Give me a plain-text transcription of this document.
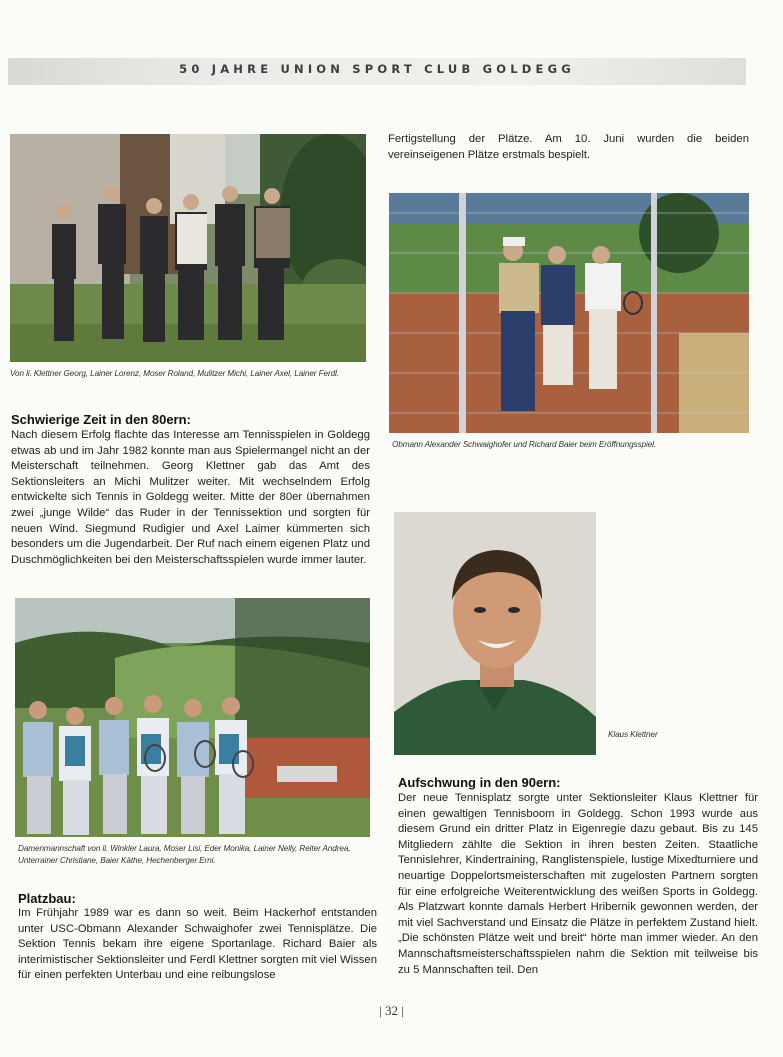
50 JAHRE UNION SPORT CLUB GOLDEGG
Von li. Klettner Georg, Lainer Lorenz, Moser Roland, Mulitzer Michi, Lainer Axel, Lainer Ferdl.

Fertigstellung der Plätze. Am 10. Juni wurden die beiden vereinseigenen Plätze erstmals bespielt.

Obmann Alexander Schwaighofer und Richard Baier beim Eröffnungsspiel.
Schwierige Zeit in den 80ern:

Nach diesem Erfolg flachte das Interesse am Tennisspielen in Goldegg etwas ab und im Jahr 1982 konnte man aus Spielermangel nicht an der Meisterschaft teilnehmen. Georg Klettner gab das Amt des Sektionsleiters an Michi Mulitzer weiter. Mit wechselndem Erfolg entwickelte sich Tennis in Goldegg weiter. Mitte der 80er übernahmen zwei „junge Wilde“ das Ruder in der Tennissektion und sorgten für neuen Wind. Siegmund Rudigier und Axel Laimer kümmerten sich besonders um die Jugendarbeit. Der Ruf nach einem eigenen Platz und Duschmöglichkeiten bei den Meisterschaftsspielen wurde immer lauter.

Klaus Klettner
Damenmannschaft von li. Winkler Laura, Moser Lisi, Eder Monika, Lainer Nelly, Reiter Andrea, Unterrainer Christiane, Baier Käthe, Hechenberger Erni.
Platzbau:

Im Frühjahr 1989 war es dann so weit. Beim Hackerhof entstanden unter USC-Obmann Alexander Schwaighofer zwei Tennisplätze. Die Sektion Tennis bekam ihre eigene Sportanlage. Richard Baier als interimistischer Sektionsleiter und Ferdl Klettner sorgten mit viel Wissen für einen perfekten Unterbau und eine reibungslose

Aufschwung in den 90ern:

Der neue Tennisplatz sorgte unter Sektionsleiter Klaus Klettner für einen gewaltigen Tennisboom in Goldegg. Schon 1993 wurde aus diesem Grund ein dritter Platz in Eigenregie dazu gebaut. Bis zu 145 Mitgliedern zählte die Sektion in ihren besten Zeiten. Staatliche Tennislehrer, Kindertraining, Ranglistenspiele, lustige Mixedturniere und neuartige Doppelortsmeisterschaften mit zugelosten Partnern sorgten für eine erfolgreiche Weiterentwicklung des weißen Sports in Goldegg. Als Platzwart konnte damals Herbert Hribernik gewonnen werden, der mit viel Sachverstand und Einsatz die Plätze in perfektem Zustand hielt. „Die schönsten Plätze weit und breit“ hörte man immer wieder. An den Mannschaftsmeisterschaftsspielen nahm die Sektion mit teilweise bis zu 5 Mannschaften teil. Den

| 32 |
